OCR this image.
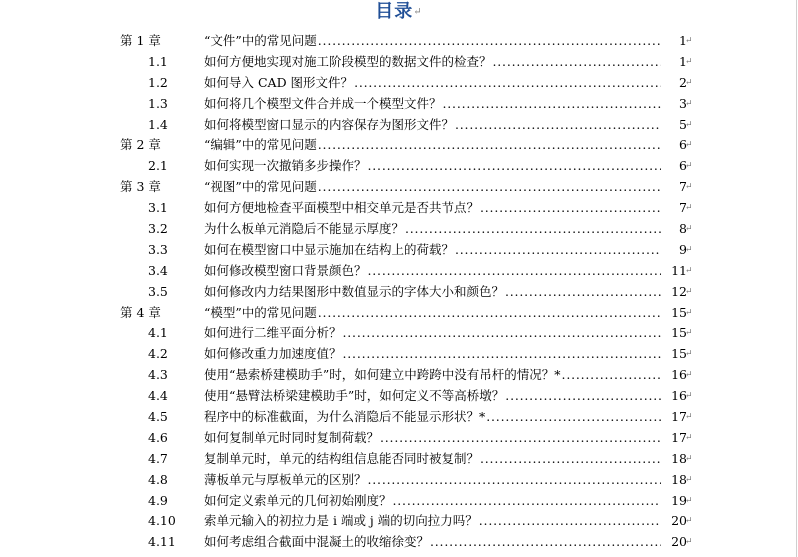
目录↵
第 1 章	“文件”中的常见问题 .....	1
↵
1.1	如何方便地实现对施工阶段模型的数据文件的检查？ .....	1
↵
1.2	如何导入 CAD 图形文件？ .....	2
↵
1.3	如何将几个模型文件合并成一个模型文件？ .....	3
↵
1.4	如何将模型窗口显示的内容保存为图形文件？ .....	5
↵
第 2 章	“编辑”中的常见问题 .....	6
↵
2.1	如何实现一次撤销多步操作？ .....	6
↵
第 3 章	“视图”中的常见问题 .....	7
↵
3.1	如何方便地检查平面模型中相交单元是否共节点？ .....	7
↵
3.2	为什么板单元消隐后不能显示厚度？ .....	8
↵
3.3	如何在模型窗口中显示施加在结构上的荷载？ .....	9
↵
3.4	如何修改模型窗口背景颜色？ .....	11
↵
3.5	如何修改内力结果图形中数值显示的字体大小和颜色？ .....	12
↵
第 4 章	“模型”中的常见问题 .....	15
↵
4.1	如何进行二维平面分析？ .....	15
↵
4.2	如何修改重力加速度值？ .....	15
↵
4.3	使用“悬索桥建模助手”时，如何建立中跨跨中没有吊杆的情况？* .....	16
↵
4.4	使用“悬臂法桥梁建模助手”时，如何定义不等高桥墩？ .....	16
↵
4.5	程序中的标准截面，为什么消隐后不能显示形状？* .....	17
↵
4.6	如何复制单元时同时复制荷载？ .....	17
↵
4.7	复制单元时，单元的结构组信息能否同时被复制？ .....	18
↵
4.8	薄板单元与厚板单元的区别？ .....	18
↵
4.9	如何定义索单元的几何初始刚度？ .....	19
↵
4.10 索单元输入的初拉力是 i 端或 j 端的切向拉力吗？ .....	20
↵
4.11 如何考虑组合截面中混凝土的收缩徐变？ .....	20
↵
